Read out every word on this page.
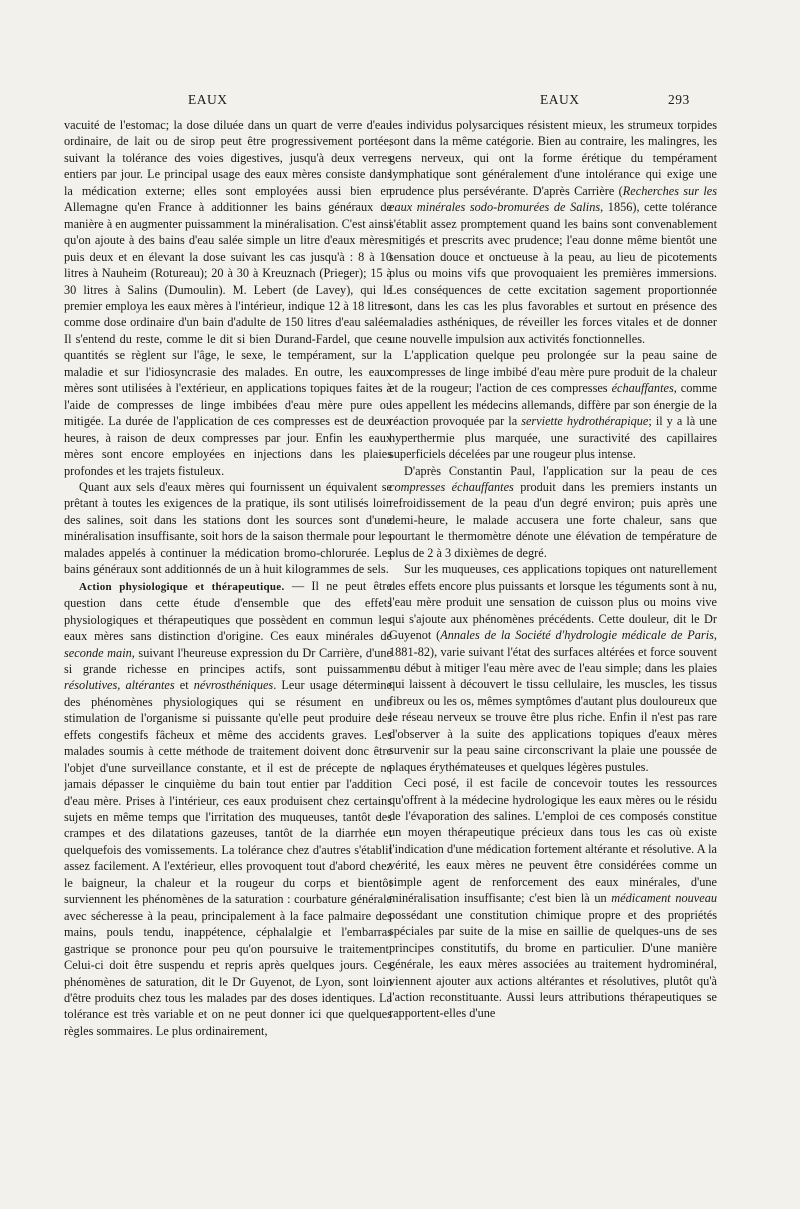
EAUX	EAUX	293

vacuité de l'estomac; la dose diluée dans un quart de verre d'eau ordinaire, de lait ou de sirop peut être progressivement portée, suivant la tolérance des voies digestives, jusqu'à deux verres entiers par jour. Le principal usage des eaux mères consiste dans la médication externe; elles sont employées aussi bien en Allemagne qu'en France à additionner les bains généraux de manière à en augmenter puissamment la minéralisation. C'est ainsi qu'on ajoute à des bains d'eau salée simple un litre d'eaux mères, puis deux et en élevant la dose suivant les cas jusqu'à : 8 à 10 litres à Nauheim (Rotureau); 20 à 30 à Kreuznach (Prieger); 15 à 30 litres à Salins (Dumoulin). M. Lebert (de Lavey), qui le premier employa les eaux mères à l'intérieur, indique 12 à 18 litres comme dose ordinaire d'un bain d'adulte de 150 litres d'eau salée. Il s'entend du reste, comme le dit si bien Durand-Fardel, que ces quantités se règlent sur l'âge, le sexe, le tempérament, sur la maladie et sur l'idiosyncrasie des malades. En outre, les eaux mères sont utilisées à l'extérieur, en applications topiques faites à l'aide de compresses de linge imbibées d'eau mère pure ou mitigée. La durée de l'application de ces compresses est de deux heures, à raison de deux compresses par jour. Enfin les eaux mères sont encore employées en injections dans les plaies profondes et les trajets fistuleux.

Quant aux sels d'eaux mères qui fournissent un équivalent se prêtant à toutes les exigences de la pratique, ils sont utilisés loin des salines, soit dans les stations dont les sources sont d'une minéralisation insuffisante, soit hors de la saison thermale pour les malades appelés à continuer la médication bromo-chlorurée. Les bains généraux sont additionnés de un à huit kilogrammes de sels.

Action physiologique et thérapeutique. — Il ne peut être question dans cette étude d'ensemble que des effets physiologiques et thérapeutiques que possèdent en commun les eaux mères sans distinction d'origine. Ces eaux minérales de seconde main, suivant l'heureuse expression du Dr Carrière, d'une si grande richesse en principes actifs, sont puissamment résolutives, altérantes et névrosthéniques. Leur usage détermine des phénomènes physiologiques qui se résument en une stimulation de l'organisme si puissante qu'elle peut produire des effets congestifs fâcheux et même des accidents graves. Les malades soumis à cette méthode de traitement doivent donc être l'objet d'une surveillance constante, et il est de précepte de ne jamais dépasser le cinquième du bain tout entier par l'addition d'eau mère. Prises à l'intérieur, ces eaux produisent chez certains sujets en même temps que l'irritation des muqueuses, tantôt des crampes et des dilatations gazeuses, tantôt de la diarrhée et quelquefois des vomissements. La tolérance chez d'autres s'établit assez facilement. A l'extérieur, elles provoquent tout d'abord chez le baigneur, la chaleur et la rougeur du corps et bientôt surviennent les phénomènes de la saturation : courbature générale avec sécheresse à la peau, principalement à la face palmaire des mains, pouls tendu, inappétence, céphalalgie et l'embarras gastrique se prononce pour peu qu'on poursuive le traitement. Celui-ci doit être suspendu et repris après quelques jours. Ces phénomènes de saturation, dit le Dr Guyenot, de Lyon, sont loin d'être produits chez tous les malades par des doses identiques. La tolérance est très variable et on ne peut donner ici que quelques règles sommaires. Le plus ordinairement,

les individus polysarciques résistent mieux, les strumeux torpides sont dans la même catégorie. Bien au contraire, les malingres, les gens nerveux, qui ont la forme érétique du tempérament lymphatique sont généralement d'une intolérance qui exige une prudence plus persévérante. D'après Carrière (Recherches sur les eaux minérales sodo-bromurées de Salins, 1856), cette tolérance s'établit assez promptement quand les bains sont convenablement mitigés et prescrits avec prudence; l'eau donne même bientôt une sensation douce et onctueuse à la peau, au lieu de picotements plus ou moins vifs que provoquaient les premières immersions. Les conséquences de cette excitation sagement proportionnée sont, dans les cas les plus favorables et surtout en présence des maladies asthéniques, de réveiller les forces vitales et de donner une nouvelle impulsion aux activités fonctionnelles.

L'application quelque peu prolongée sur la peau saine de compresses de linge imbibé d'eau mère pure produit de la chaleur et de la rougeur; l'action de ces compresses échauffantes, comme les appellent les médecins allemands, diffère par son énergie de la réaction provoquée par la serviette hydrothérapique; il y a là une hyperthermie plus marquée, une suractivité des capillaires superficiels décelées par une rougeur plus intense.

D'après Constantin Paul, l'application sur la peau de ces compresses échauffantes produit dans les premiers instants un refroidissement de la peau d'un degré environ; puis après une demi-heure, le malade accusera une forte chaleur, sans que pourtant le thermomètre dénote une élévation de température de plus de 2 à 3 dixièmes de degré.

Sur les muqueuses, ces applications topiques ont naturellement des effets encore plus puissants et lorsque les téguments sont à nu, l'eau mère produit une sensation de cuisson plus ou moins vive qui s'ajoute aux phénomènes précédents. Cette douleur, dit le Dr Guyenot (Annales de la Société d'hydrologie médicale de Paris, 1881-82), varie suivant l'état des surfaces altérées et force souvent au début à mitiger l'eau mère avec de l'eau simple; dans les plaies qui laissent à découvert le tissu cellulaire, les muscles, les tissus fibreux ou les os, mêmes symptômes d'autant plus douloureux que le réseau nerveux se trouve être plus riche. Enfin il n'est pas rare d'observer à la suite des applications topiques d'eaux mères survenir sur la peau saine circonscrivant la plaie une poussée de plaques érythémateuses et quelques légères pustules.

Ceci posé, il est facile de concevoir toutes les ressources qu'offrent à la médecine hydrologique les eaux mères ou le résidu de l'évaporation des salines. L'emploi de ces composés constitue un moyen thérapeutique précieux dans tous les cas où existe l'indication d'une médication fortement altérante et résolutive. A la vérité, les eaux mères ne peuvent être considérées comme un simple agent de renforcement des eaux minérales, d'une minéralisation insuffisante; c'est bien là un médicament nouveau possédant une constitution chimique propre et des propriétés spéciales par suite de la mise en saillie de quelques-uns de ses principes constitutifs, du brome en particulier. D'une manière générale, les eaux mères associées au traitement hydrominéral, viennent ajouter aux actions altérantes et résolutives, plutôt qu'à l'action reconstituante. Aussi leurs attributions thérapeutiques se rapportent-elles d'une
